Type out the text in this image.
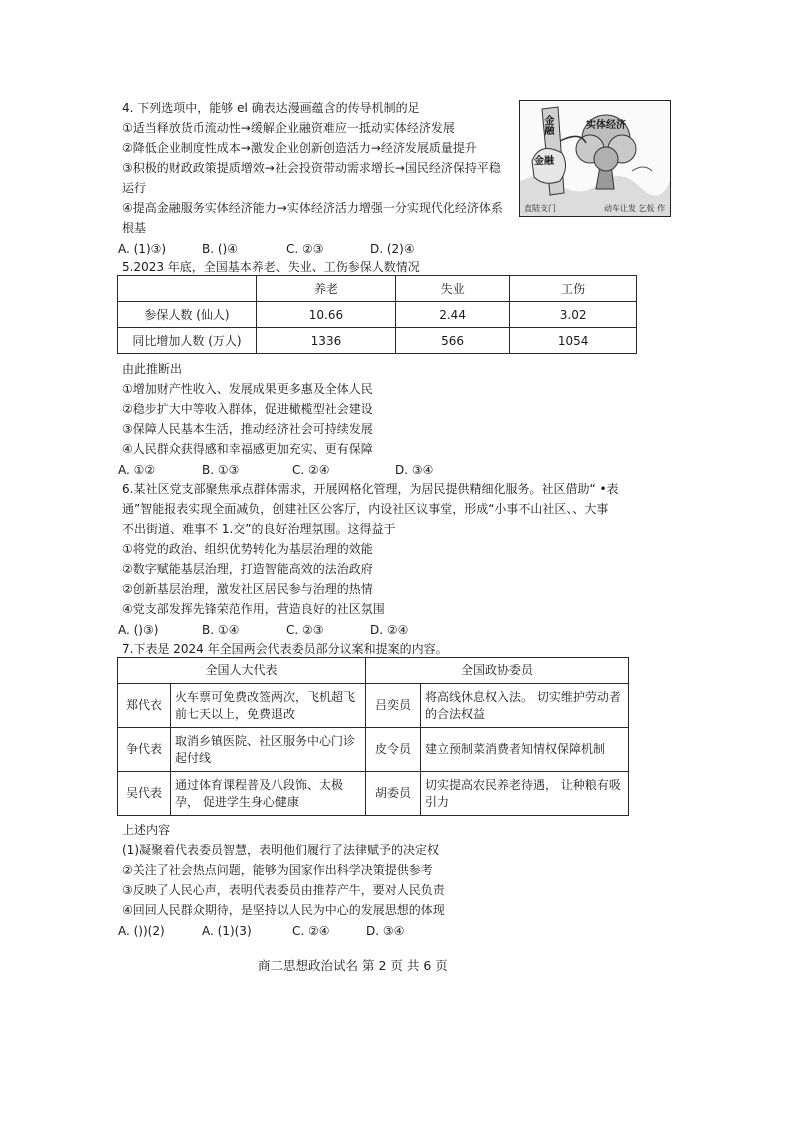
4. 下列选项中，能够 el 确表达漫画蕴含的传导机制的足
①适当释放货币流动性→缓解企业融资难应一抵动实体经济发展
②降低企业制度性成本→激发企业创新创造活力→经济发展质量提升
③积极的财政政策提质增效→社会投资带动需求增长→国民经济保持平稳
运行
④提高金融服务实体经济能力→实体经济活力增强一分实现代化经济体系
根基
A. (1)③)	B. ()④	C. ②③	D. (2)④
金融
金融
实体经济
直陆支门	动车让发 乞仮 作
5.2023 年底，全国基本养老、失业、工伤参保人数情况
	养老	失业	工伤
参保人数 (仙人)	10.66	2.44	3.02
同比增加人数 (万人)	1336	566	1054
由此推断出
①增加财产性收入、发展成果更多惠及全体人民
②稳步扩大中等收入群体，促进橄榄型社会建设
③保障人民基本生活，推动经济社会可持续发展
④人民群众获得感和幸福感更加充实、更有保障
A. ①②	B. ①③	C. ②④	D. ③④
6.某社区党支部聚焦承点群体需求，开展网格化管理，为居民提供精细化服务。社区借助“ •表
通”智能报表实现全面减负，创建社区公客厅，内设社区议事堂，形成“小事不山社区、、大事
不出街道、难事不 1.交”的良好治理氛围。这得益于
①将党的政治、组织优势转化为基层治理的效能
②数字赋能基层治理，打造智能高效的法治政府
②创新基层治理，激发社区居民参与治理的热情
④党支部发挥先锋荣范作用，营造良好的社区氛围
A. ()③)	B. ①④	C. ②③	D. ②④
7.下表是 2024 年全国两会代表委员部分议案和提案的内容。
全国人大代表		全国政协委员	
郑代衣	火车票可免费改签两次，飞机超飞前七天以上，免费退改	吕奕员	将高线休息权入法。 切实维护劳动者的合法权益
争代表	取消乡镇医院、社区服务中心门诊起付线	皮令员	建立预制菜消费者知情权保障机制
吴代表	通过体育课程普及八段饰、太极孕， 促进学生身心健康	胡委员	切实提高农民养老待遇， 让种粮有吸引力
上述内容
(1)凝聚着代表委员智慧，表明他们履行了法律赋予的决定权
②关注了社会热点问题，能够为国家作出科学决策提供参考
③反映了人民心声，表明代表委员由推荐产牛，要对人民负责
④回回人民群众期待，是坚持以人民为中心的发展思想的体现
A. ())(2)	A. (1)(3)	C. ②④	D. ③④
商二思想政治试名 第 2 页 共 6 页
